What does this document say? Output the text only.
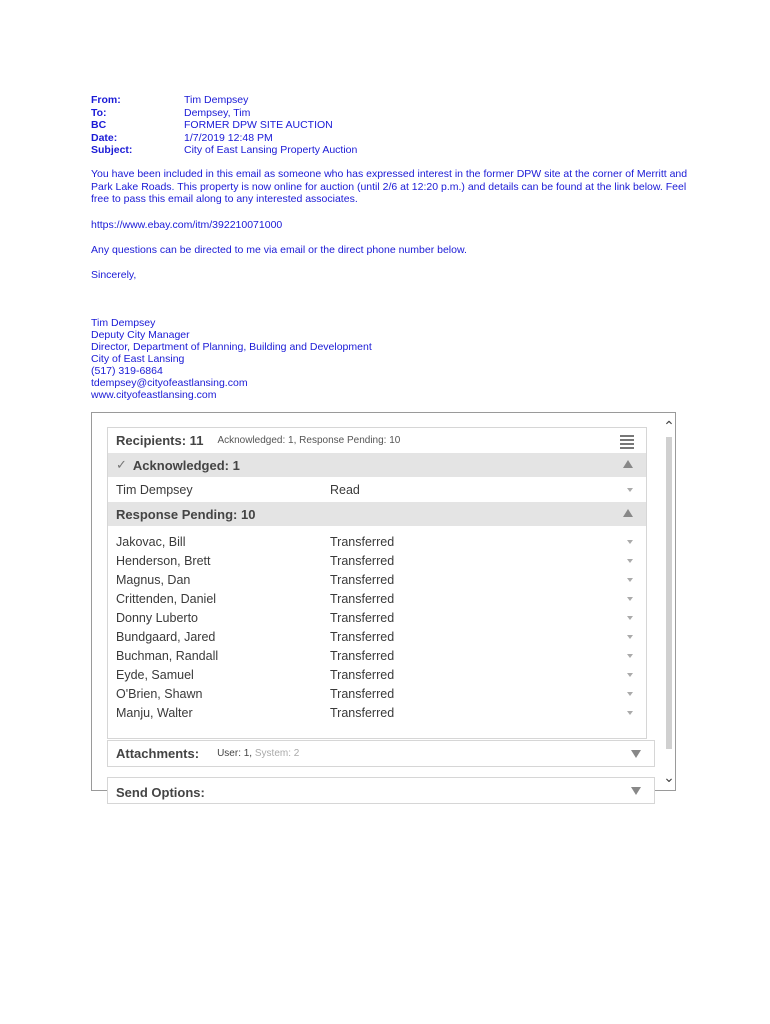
From:	Tim Dempsey
To:	Dempsey, Tim
BC	FORMER DPW SITE AUCTION
Date:	1/7/2019 12:48 PM
Subject:	City of East Lansing Property Auction
You have been included in this email as someone who has expressed interest in the former DPW site at the corner of Merritt and Park Lake Roads. This property is now online for auction (until 2/6 at 12:20 p.m.) and details can be found at the link below. Feel free to pass this email along to any interested associates.
https://www.ebay.com/itm/392210071000
Any questions can be directed to me via email or the direct phone number below.
Sincerely,
Tim Dempsey
Deputy City Manager
Director, Department of Planning, Building and Development
City of East Lansing
(517) 319-6864
tdempsey@cityofeastlansing.com
www.cityofeastlansing.com
⌃
⌄
Recipients: 11 Acknowledged: 1, Response Pending: 10
✓ Acknowledged: 1
Tim Dempsey	Read
Response Pending: 10
Jakovac, Bill	Transferred
Henderson, Brett	Transferred
Magnus, Dan	Transferred
Crittenden, Daniel	Transferred
Donny Luberto	Transferred
Bundgaard, Jared	Transferred
Buchman, Randall	Transferred
Eyde, Samuel	Transferred
O'Brien, Shawn	Transferred
Manju, Walter	Transferred
Attachments: User: 1, System: 2
Send Options:
